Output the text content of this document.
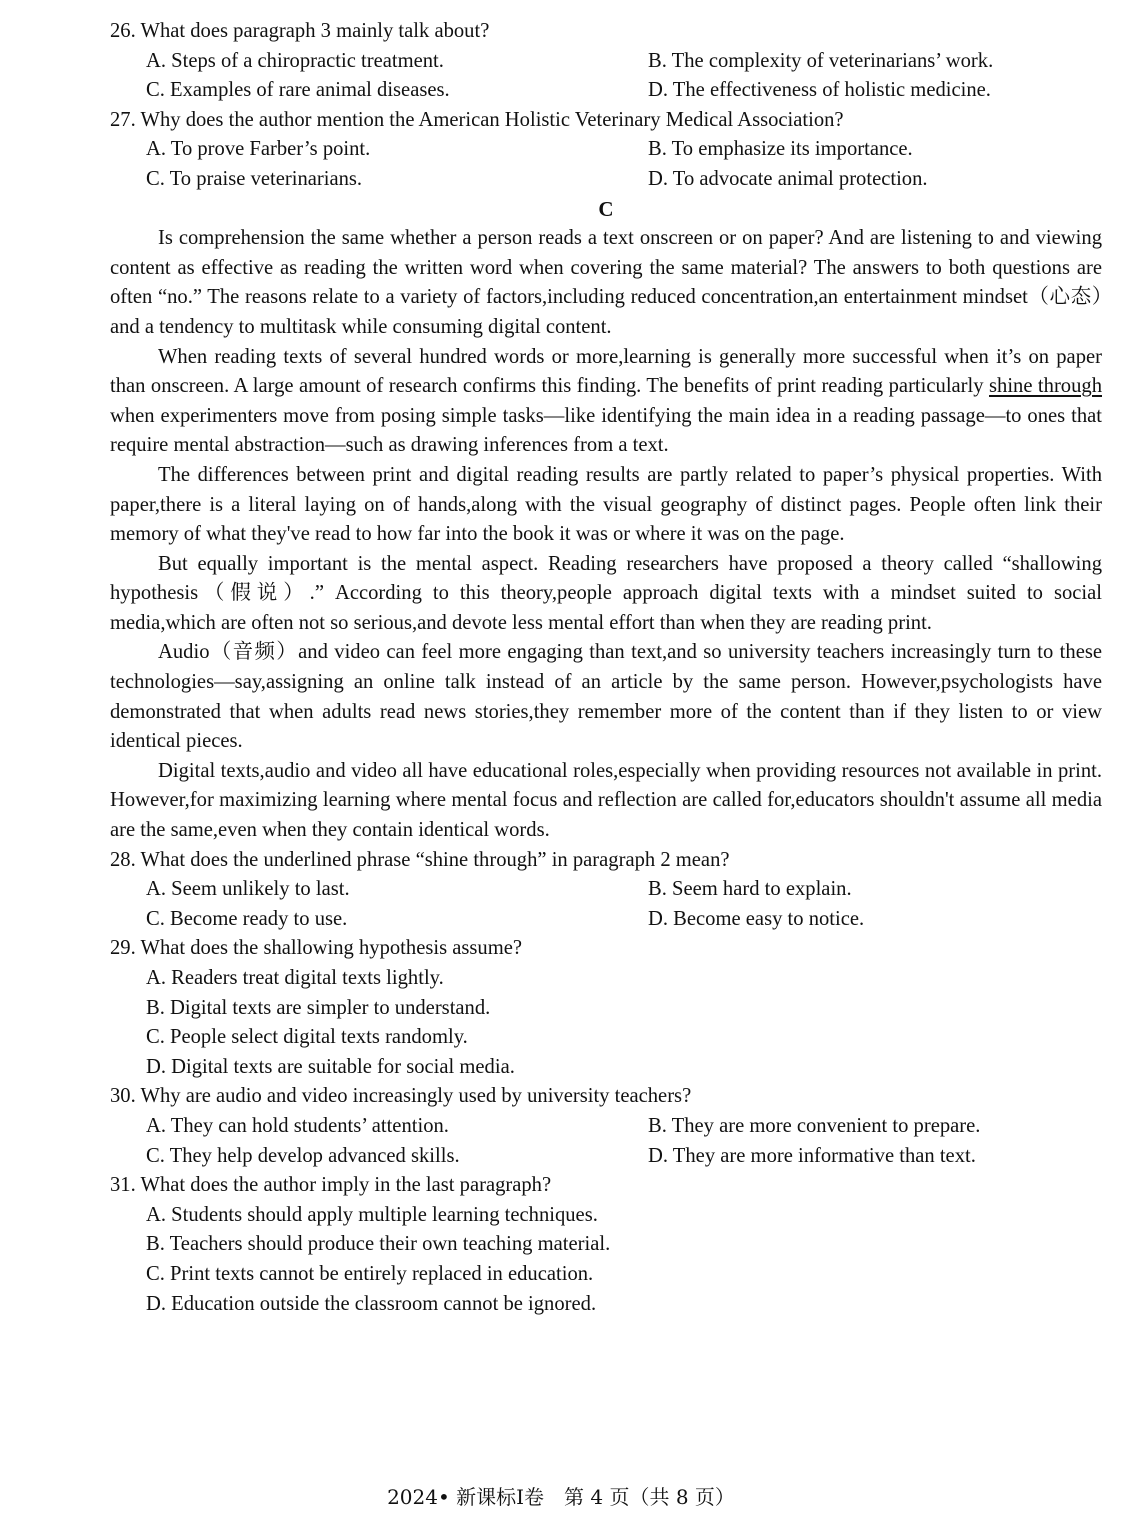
26. What does paragraph 3 mainly talk about?
A. Steps of a chiropractic treatment.	B. The complexity of veterinarians’ work.
C. Examples of rare animal diseases.	D. The effectiveness of holistic medicine.
27. Why does the author mention the American Holistic Veterinary Medical Association?
A. To prove Farber’s point.	B. To emphasize its importance.
C. To praise veterinarians.	D. To advocate animal protection.
C

Is comprehension the same whether a person reads a text onscreen or on paper? And are listening to and viewing content as effective as reading the written word when covering the same material? The answers to both questions are often “no.” The reasons relate to a variety of factors,including reduced concentration,an entertainment mindset（心态）and a tendency to multitask while consuming digital content.

When reading texts of several hundred words or more,learning is generally more successful when it’s on paper than onscreen. A large amount of research confirms this finding. The benefits of print reading particularly shine through when experimenters move from posing simple tasks—like identifying the main idea in a reading passage—to ones that require mental abstraction—such as drawing inferences from a text.

The differences between print and digital reading results are partly related to paper’s physical properties. With paper,there is a literal laying on of hands,along with the visual geography of distinct pages. People often link their memory of what they've read to how far into the book it was or where it was on the page.

But equally important is the mental aspect. Reading researchers have proposed a theory called “shallowing hypothesis（假说）.” According to this theory,people approach digital texts with a mindset suited to social media,which are often not so serious,and devote less mental effort than when they are reading print.

Audio（音频）and video can feel more engaging than text,and so university teachers increasingly turn to these technologies—say,assigning an online talk instead of an article by the same person. However,psychologists have demonstrated that when adults read news stories,they remember more of the content than if they listen to or view identical pieces.

Digital texts,audio and video all have educational roles,especially when providing resources not available in print. However,for maximizing learning where mental focus and reflection are called for,educators shouldn't assume all media are the same,even when they contain identical words.

28. What does the underlined phrase “shine through” in paragraph 2 mean?
A. Seem unlikely to last.	B. Seem hard to explain.
C. Become ready to use.	D. Become easy to notice.
29. What does the shallowing hypothesis assume?
A. Readers treat digital texts lightly.
B. Digital texts are simpler to understand.
C. People select digital texts randomly.
D. Digital texts are suitable for social media.
30. Why are audio and video increasingly used by university teachers?
A. They can hold students’ attention.	B. They are more convenient to prepare.
C. They help develop advanced skills.	D. They are more informative than text.
31. What does the author imply in the last paragraph?
A. Students should apply multiple learning techniques.
B. Teachers should produce their own teaching material.
C. Print texts cannot be entirely replaced in education.
D. Education outside the classroom cannot be ignored.
2024• 新课标Ⅰ卷　第 4 页（共 8 页）
